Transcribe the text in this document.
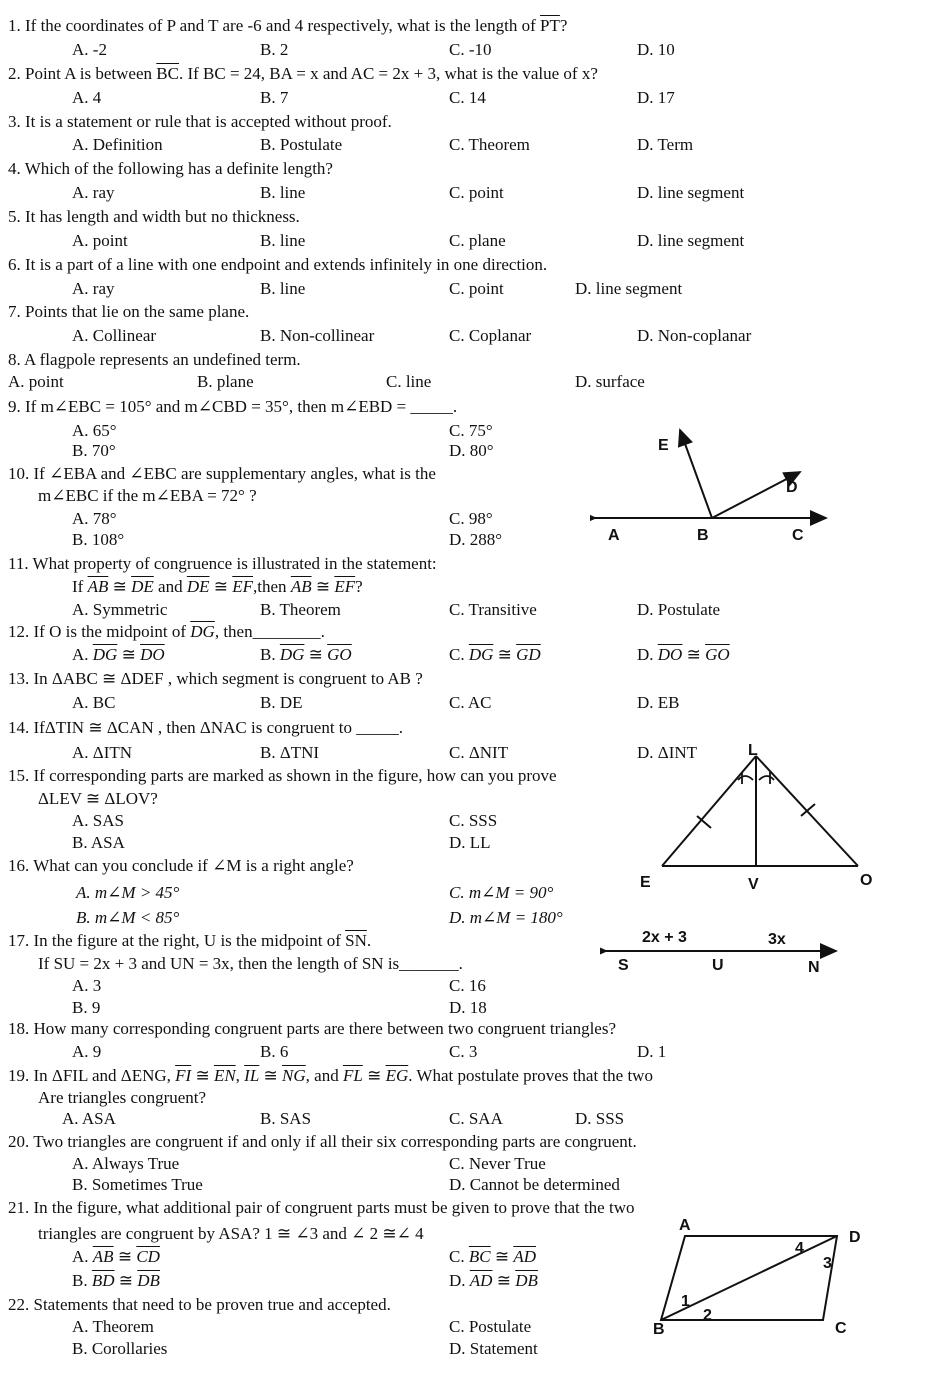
1. If the coordinates of P and T are -6 and 4 respectively, what is the length of $\overline{PT}$?
A. -2	B. 2	C. -10	D. 10
2. Point A is between $\overline{BC}$. If BC = 24, BA = x and AC = 2x + 3, what is the value of x?
A. 4	B. 7	C. 14	D. 17
3. It is a statement or rule that is accepted without proof.
A. Definition	B. Postulate	C. Theorem	D. Term
4. Which of the following has a definite length?
A. ray	B. line	C. point	D. line segment
5. It has length and width but no thickness.
A. point	B. line	C. plane	D. line segment
6. It is a part of a line with one endpoint and extends infinitely in one direction.
A. ray	B. line	C. point	D. line segment
7. Points that lie on the same plane.
A. Collinear	B. Non-collinear	C. Coplanar	D. Non-coplanar
8. A flagpole represents an undefined term.
A. point	B. plane	C. line	D. surface
9. If m∠EBC = 105° and m∠CBD = 35°, then m∠EBD = _____.
A. 65°	C. 75°
B. 70°	D. 80°
10. If ∠EBA and ∠EBC are supplementary angles, what is the
m∠EBC if the m∠EBA = 72° ?
A. 78°	C. 98°
B. 108°	D. 288°
E
D
A	B	C
11. What property of congruence is illustrated in the statement:
If $\overline{AB}$ ≅ $\overline{DE}$ and $\overline{DE}$ ≅ $\overline{EF},then$ $\overline{AB}$ ≅ $\overline{EF}$?
A. Symmetric	B. Theorem	C. Transitive	D. Postulate
12. If O is the midpoint of $\overline{DG}$, then________.
A. $\overline{DG}$ ≅ $\overline{DO}$	B. $\overline{DG}$ ≅ $\overline{GO}$	C. $\overline{DG}$ ≅ $\overline{GD}$	D. $\overline{DO}$ ≅ $\overline{GO}$
13. In ΔABC ≅ ΔDEF , which segment is congruent to AB ?
A. BC	B. DE	C. AC	D. EB
14. IfΔTIN ≅ ΔCAN , then ΔNAC is congruent to _____.
A. ΔITN	B. ΔTNI	C. ΔNIT	D. ΔINT
15. If corresponding parts are marked as shown in the figure, how can you prove
ΔLEV ≅ ΔLOV?
A. SAS	C. SSS
B. ASA	D. LL
L
E	V	O
16. What can you conclude if ∠M is a right angle?
A. m∠M > 45°	C. m∠M = 90°
B. m∠M < 85°	D. m∠M = 180°
17. In the figure at the right, U is the midpoint of $\overline{SN}$.
If SU = 2x + 3 and UN = 3x, then the length of SN is_______.
A. 3	C. 16
B. 9	D. 18
2x + 3	3x
S	U	N
18. How many corresponding congruent parts are there between two congruent triangles?
A. 9	B. 6	C. 3	D. 1
19. In ΔFIL and ΔENG, $\overline{FI}$ ≅ $\overline{EN}$, $\overline{IL}$ ≅ $\overline{NG}$, and $\overline{FL}$ ≅ $\overline{EG}$. What postulate proves that the two
Are triangles congruent?
A. ASA	B. SAS	C. SAA	D. SSS
20. Two triangles are congruent if and only if all their six corresponding parts are congruent.
A. Always True	C. Never True
B. Sometimes True	D. Cannot be determined
21. In the figure, what additional pair of congruent parts must be given to prove that the two
triangles are congruent by ASA? 1 ≅ ∠3 and ∠ 2 ≅∠ 4
A. $\overline{AB}$ ≅ $\overline{CD}$	C. $\overline{BC}$ ≅ $\overline{AD}$
B. $\overline{BD}$ ≅ $\overline{DB}$	D. $\overline{AD}$ ≅ $\overline{DB}$
A
D
B	C
1
2
3
4
22. Statements that need to be proven true and accepted.
A. Theorem	C. Postulate
B. Corollaries	D. Statement
